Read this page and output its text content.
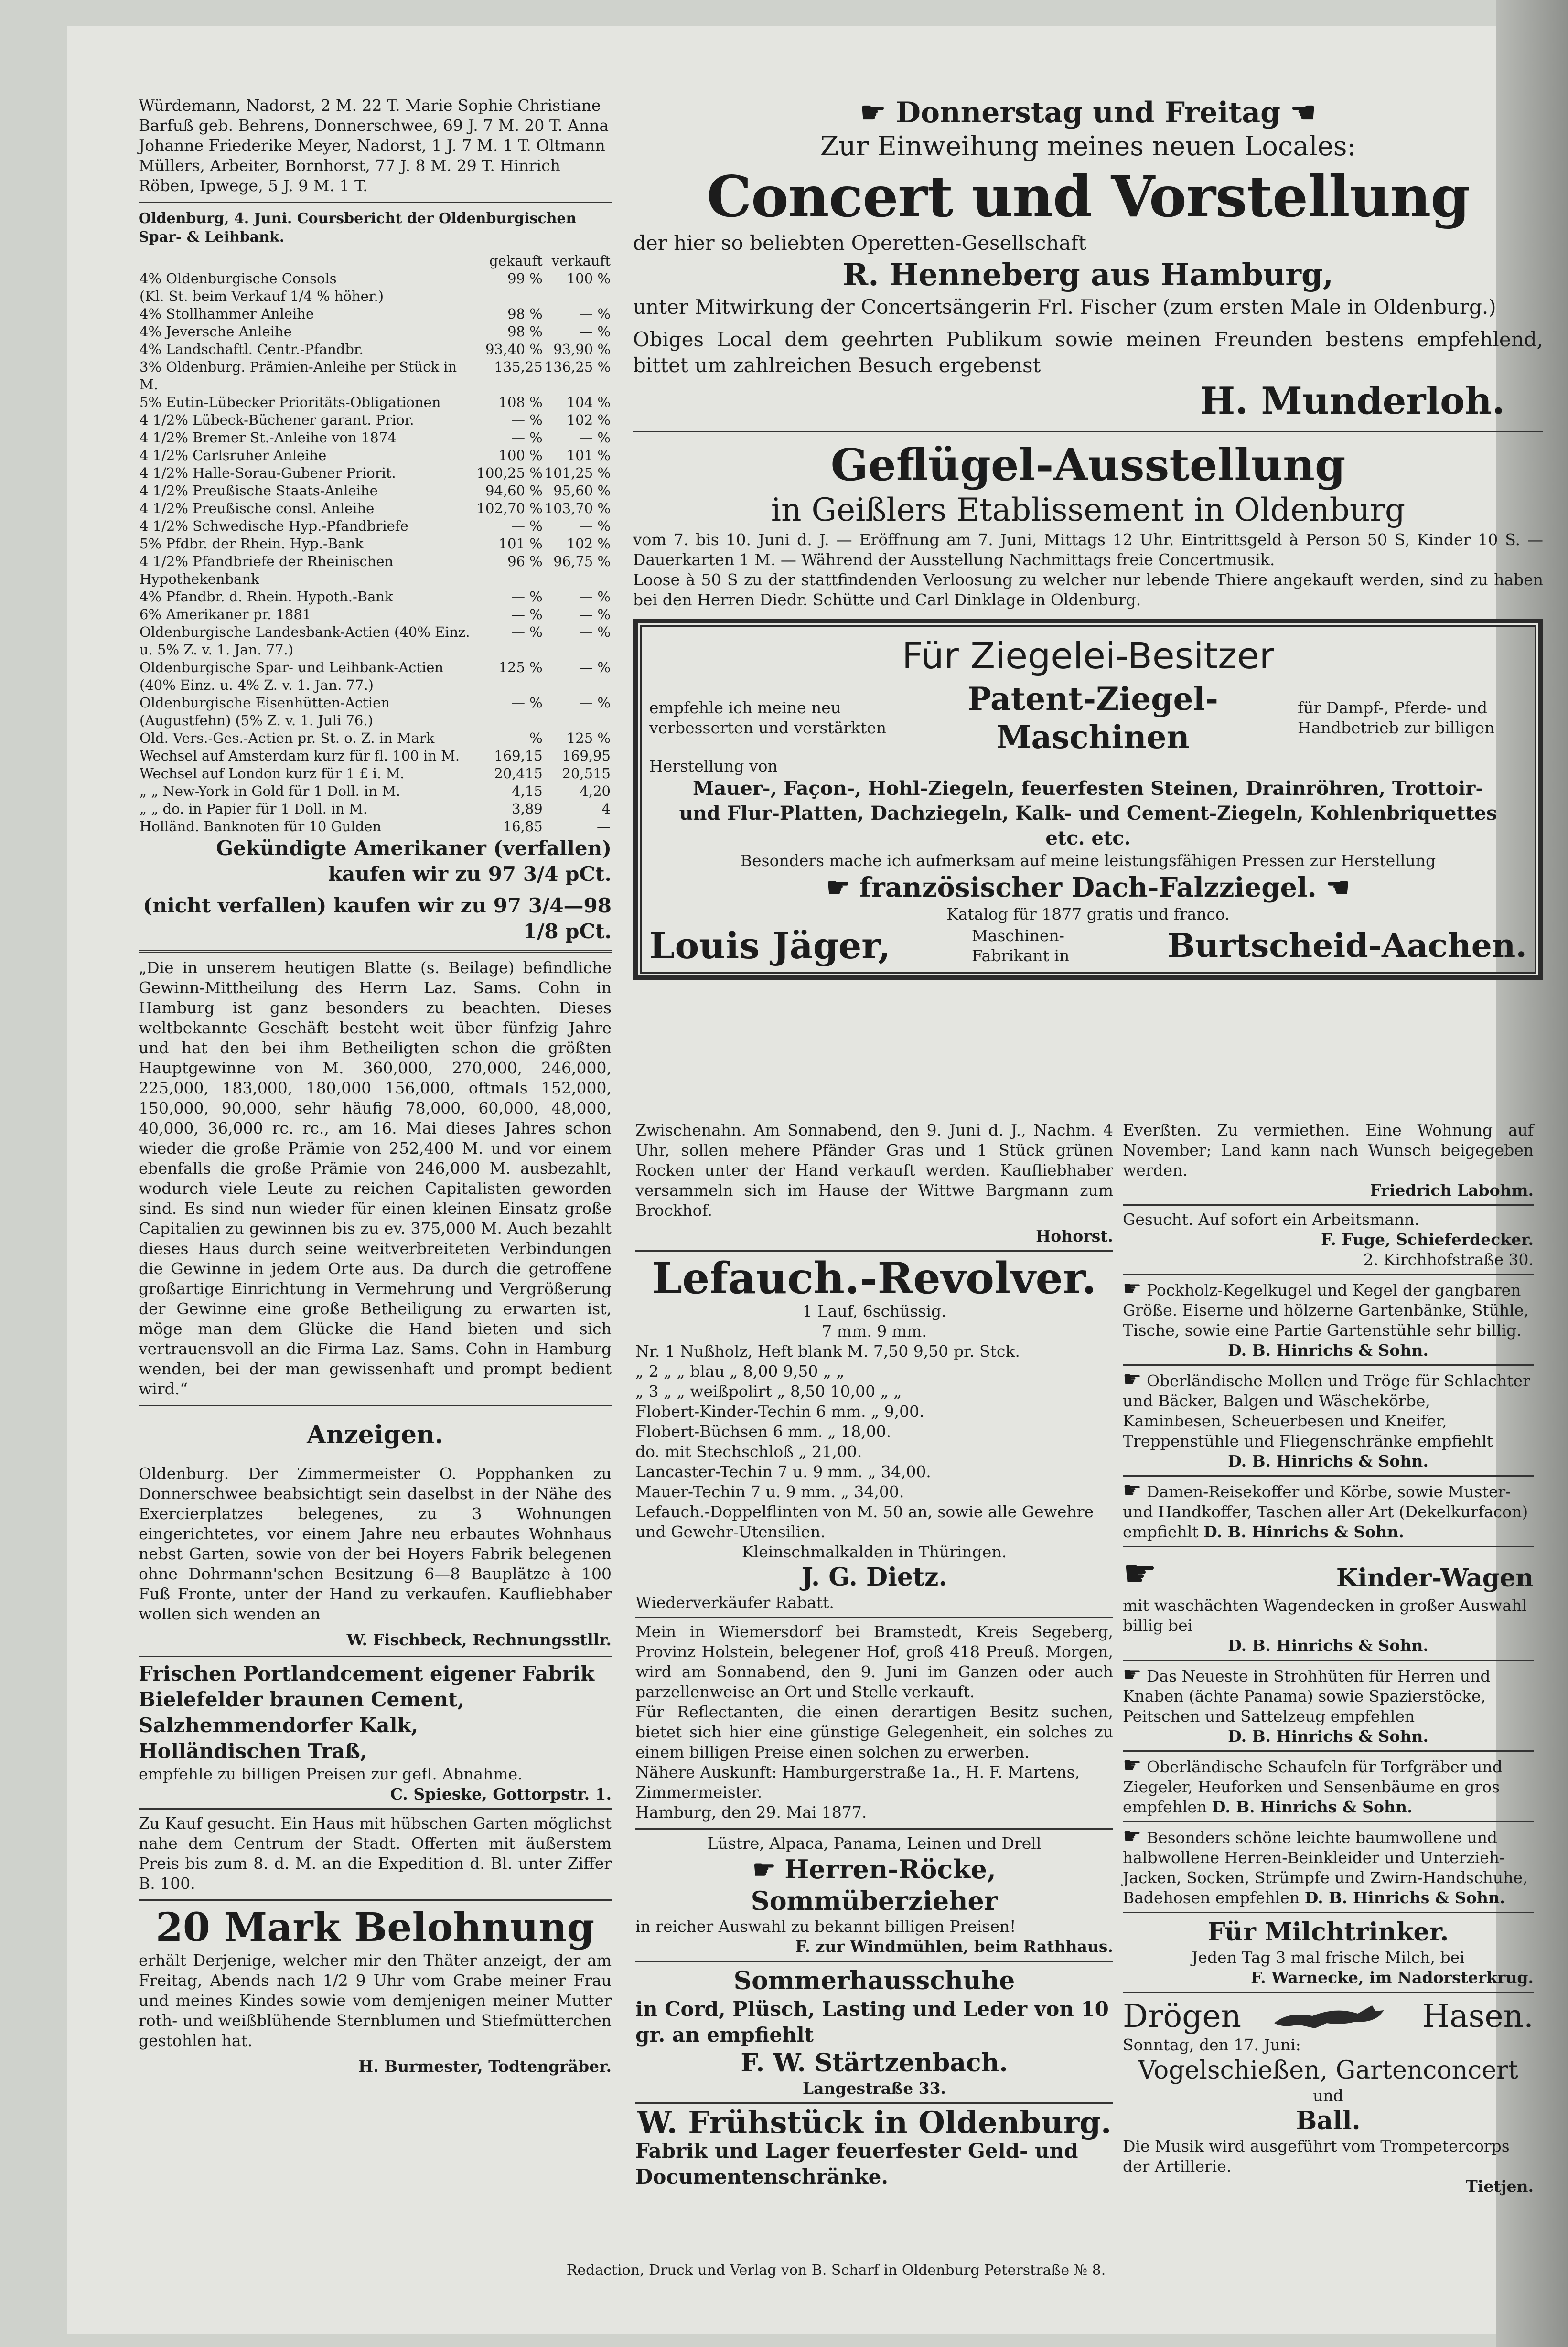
Würdemann, Nadorst, 2 M. 22 T. Marie Sophie Christiane Barfuß geb. Behrens, Donnerschwee, 69 J. 7 M. 20 T. Anna Johanne Friederike Meyer, Nadorst, 1 J. 7 M. 1 T. Oltmann Müllers, Arbeiter, Bornhorst, 77 J. 8 M. 29 T. Hinrich Röben, Ipwege, 5 J. 9 M. 1 T.
Oldenburg, 4. Juni. Coursbericht der Oldenburgischen Spar- & Leihbank.
	gekauft	verkauft
4% Oldenburgische Consols	99 %	100 %
(Kl. St. beim Verkauf 1/4 % höher.)		
4% Stollhammer Anleihe	98 %	— %
4% Jeversche Anleihe	98 %	— %
4% Landschaftl. Centr.-Pfandbr.	93,40 %	93,90 %
3% Oldenburg. Prämien-Anleihe per Stück in M.	135,25	136,25 %
5% Eutin-Lübecker Prioritäts-Obligationen	108 %	104 %
4 1/2% Lübeck-Büchener garant. Prior.	— %	102 %
4 1/2% Bremer St.-Anleihe von 1874	— %	— %
4 1/2% Carlsruher Anleihe	100 %	101 %
4 1/2% Halle-Sorau-Gubener Priorit.	100,25 %	101,25 %
4 1/2% Preußische Staats-Anleihe	94,60 %	95,60 %
4 1/2% Preußische consl. Anleihe	102,70 %	103,70 %
4 1/2% Schwedische Hyp.-Pfandbriefe	— %	— %
5% Pfdbr. der Rhein. Hyp.-Bank	101 %	102 %
4 1/2% Pfandbriefe der Rheinischen Hypothekenbank	96 %	96,75 %
4% Pfandbr. d. Rhein. Hypoth.-Bank	— %	— %
6% Amerikaner pr. 1881	— %	— %
Oldenburgische Landesbank-Actien (40% Einz. u. 5% Z. v. 1. Jan. 77.)	— %	— %
Oldenburgische Spar- und Leihbank-Actien (40% Einz. u. 4% Z. v. 1. Jan. 77.)	125 %	— %
Oldenburgische Eisenhütten-Actien (Augustfehn) (5% Z. v. 1. Juli 76.)	— %	— %
Old. Vers.-Ges.-Actien pr. St. o. Z. in Mark	— %	125 %
Wechsel auf Amsterdam kurz für fl. 100 in M.	169,15	169,95
Wechsel auf London kurz für 1 £ i. M.	20,415	20,515
„ „ New-York in Gold für 1 Doll. in M.	4,15	4,20
„ „ do. in Papier für 1 Doll. in M.	3,89	4
Holländ. Banknoten für 10 Gulden	16,85	—
Gekündigte Amerikaner (verfallen) kaufen wir zu 97 3/4 pCt.
(nicht verfallen) kaufen wir zu 97 3/4—98 1/8 pCt.
„Die in unserem heutigen Blatte (s. Beilage) befindliche Gewinn-Mittheilung des Herrn Laz. Sams. Cohn in Hamburg ist ganz besonders zu beachten. Dieses weltbekannte Geschäft besteht weit über fünfzig Jahre und hat den bei ihm Betheiligten schon die größten Hauptgewinne von M. 360,000, 270,000, 246,000, 225,000, 183,000, 180,000 156,000, oftmals 152,000, 150,000, 90,000, sehr häufig 78,000, 60,000, 48,000, 40,000, 36,000 rc. rc., am 16. Mai dieses Jahres schon wieder die große Prämie von 252,400 M. und vor einem ebenfalls die große Prämie von 246,000 M. ausbezahlt, wodurch viele Leute zu reichen Capitalisten geworden sind. Es sind nun wieder für einen kleinen Einsatz große Capitalien zu gewinnen bis zu ev. 375,000 M. Auch bezahlt dieses Haus durch seine weitverbreiteten Verbindungen die Gewinne in jedem Orte aus. Da durch die getroffene großartige Einrichtung in Vermehrung und Vergrößerung der Gewinne eine große Betheiligung zu erwarten ist, möge man dem Glücke die Hand bieten und sich vertrauensvoll an die Firma Laz. Sams. Cohn in Hamburg wenden, bei der man gewissenhaft und prompt bedient wird.“
Anzeigen.
Oldenburg. Der Zimmermeister O. Popphanken zu Donnerschwee beabsichtigt sein daselbst in der Nähe des Exercierplatzes belegenes, zu 3 Wohnungen eingerichtetes, vor einem Jahre neu erbautes Wohnhaus nebst Garten, sowie von der bei Hoyers Fabrik belegenen ohne Dohrmann'schen Besitzung 6—8 Bauplätze à 100 Fuß Fronte, unter der Hand zu verkaufen. Kaufliebhaber wollen sich wenden an
W. Fischbeck, Rechnungsstllr.
Frischen Portlandcement eigener Fabrik
Bielefelder braunen Cement,
Salzhemmendorfer Kalk,
Holländischen Traß,
empfehle zu billigen Preisen zur gefl. Abnahme.
C. Spieske, Gottorpstr. 1.
Zu Kauf gesucht. Ein Haus mit hübschen Garten möglichst nahe dem Centrum der Stadt. Offerten mit äußerstem Preis bis zum 8. d. M. an die Expedition d. Bl. unter Ziffer B. 100.
20 Mark Belohnung
erhält Derjenige, welcher mir den Thäter anzeigt, der am Freitag, Abends nach 1/2 9 Uhr vom Grabe meiner Frau und meines Kindes sowie vom demjenigen meiner Mutter roth- und weißblühende Sternblumen und Stiefmütterchen gestohlen hat.
H. Burmester, Todtengräber.
☛ Donnerstag und Freitag ☚
Zur Einweihung meines neuen Locales:
Concert und Vorstellung
der hier so beliebten Operetten-Gesellschaft
R. Henneberg aus Hamburg,
unter Mitwirkung der Concertsängerin Frl. Fischer (zum ersten Male in Oldenburg.)
Obiges Local dem geehrten Publikum sowie meinen Freunden bestens empfehlend, bittet um zahlreichen Besuch ergebenst
H. Munderloh.
Geflügel-Ausstellung
in Geißlers Etablissement in Oldenburg
vom 7. bis 10. Juni d. J. — Eröffnung am 7. Juni, Mittags 12 Uhr. Eintrittsgeld à Person 50 S, Kinder 10 S. — Dauerkarten 1 M. — Während der Ausstellung Nachmittags freie Concertmusik.
Loose à 50 S zu der stattfindenden Verloosung zu welcher nur lebende Thiere angekauft werden, sind zu haben bei den Herren Diedr. Schütte und Carl Dinklage in Oldenburg.
Für Ziegelei-Besitzer
empfehle ich meine neu verbesserten und verstärkten
Patent-Ziegel-Maschinen
für Dampf-, Pferde- und Handbetrieb zur billigen
Herstellung von
Mauer-, Façon-, Hohl-Ziegeln, feuerfesten Steinen, Drainröhren, Trottoir- und Flur-Platten, Dachziegeln, Kalk- und Cement-Ziegeln, Kohlenbriquettes etc. etc.
Besonders mache ich aufmerksam auf meine leistungsfähigen Pressen zur Herstellung
☛ französischer Dach-Falzziegel. ☚
Katalog für 1877 gratis und franco.
Louis Jäger,	Maschinen-Fabrikant in	Burtscheid-Aachen.
Zwischenahn. Am Sonnabend, den 9. Juni d. J., Nachm. 4 Uhr, sollen mehere Pfänder Gras und 1 Stück grünen Rocken unter der Hand verkauft werden. Kaufliebhaber versammeln sich im Hause der Wittwe Bargmann zum Brockhof.
Hohorst.
Lefauch.-Revolver.
1 Lauf, 6schüssig.
7 mm. 9 mm.
Nr. 1 Nußholz, Heft blank M. 7,50 9,50 pr. Stck.
„ 2 „ „ blau „ 8,00 9,50 „ „
„ 3 „ „ weißpolirt „ 8,50 10,00 „ „
Flobert-Kinder-Techin 6 mm. „ 9,00.
Flobert-Büchsen 6 mm. „ 18,00.
do. mit Stechschloß „ 21,00.
Lancaster-Techin 7 u. 9 mm. „ 34,00.
Mauer-Techin 7 u. 9 mm. „ 34,00.
Lefauch.-Doppelflinten von M. 50 an, sowie alle Gewehre und Gewehr-Utensilien.
Kleinschmalkalden in Thüringen.
J. G. Dietz.
Wiederverkäufer Rabatt.
Mein in Wiemersdorf bei Bramstedt, Kreis Segeberg, Provinz Holstein, belegener Hof, groß 418 Preuß. Morgen, wird am Sonnabend, den 9. Juni im Ganzen oder auch parzellenweise an Ort und Stelle verkauft.
Für Reflectanten, die einen derartigen Besitz suchen, bietet sich hier eine günstige Gelegenheit, ein solches zu einem billigen Preise einen solchen zu erwerben.
Nähere Auskunft: Hamburgerstraße 1a., H. F. Martens, Zimmermeister.
Hamburg, den 29. Mai 1877.
Lüstre, Alpaca, Panama, Leinen und Drell
☛ Herren-Röcke, Sommüberzieher
in reicher Auswahl zu bekannt billigen Preisen!
F. zur Windmühlen, beim Rathhaus.
Sommerhausschuhe
in Cord, Plüsch, Lasting und Leder von 10 gr. an empfiehlt
F. W. Stärtzenbach.
Langestraße 33.
W. Frühstück in Oldenburg.
Fabrik und Lager feuerfester Geld- und Documentenschränke.
Everßten. Zu vermiethen. Eine Wohnung auf November; Land kann nach Wunsch beigegeben werden.
Friedrich Labohm.
Gesucht. Auf sofort ein Arbeitsmann.
F. Fuge, Schieferdecker.
2. Kirchhofstraße 30.
☛ Pockholz-Kegelkugel und Kegel der gangbaren Größe. Eiserne und hölzerne Gartenbänke, Stühle, Tische, sowie eine Partie Gartenstühle sehr billig.
D. B. Hinrichs & Sohn.
☛ Oberländische Mollen und Tröge für Schlachter und Bäcker, Balgen und Wäschekörbe, Kaminbesen, Scheuerbesen und Kneifer, Treppenstühle und Fliegenschränke empfiehlt
D. B. Hinrichs & Sohn.
☛ Damen-Reisekoffer und Körbe, sowie Muster- und Handkoffer, Taschen aller Art (Dekelkurfacon) empfiehlt D. B. Hinrichs & Sohn.
☛	Kinder-Wagen
mit waschächten Wagendecken in großer Auswahl billig bei
D. B. Hinrichs & Sohn.
☛ Das Neueste in Strohhüten für Herren und Knaben (ächte Panama) sowie Spazierstöcke, Peitschen und Sattelzeug empfehlen
D. B. Hinrichs & Sohn.
☛ Oberländische Schaufeln für Torfgräber und Ziegeler, Heuforken und Sensenbäume en gros empfehlen D. B. Hinrichs & Sohn.
☛ Besonders schöne leichte baumwollene und halbwollene Herren-Beinkleider und Unterzieh-Jacken, Socken, Strümpfe und Zwirn-Handschuhe, Badehosen empfehlen D. B. Hinrichs & Sohn.
Für Milchtrinker.
Jeden Tag 3 mal frische Milch, bei
F. Warnecke, im Nadorsterkrug.
Drögen	Hasen.
Sonntag, den 17. Juni:
Vogelschießen, Gartenconcert
und
Ball.
Die Musik wird ausgeführt vom Trompetercorps der Artillerie.
Tietjen.
Redaction, Druck und Verlag von B. Scharf in Oldenburg Peterstraße № 8.
